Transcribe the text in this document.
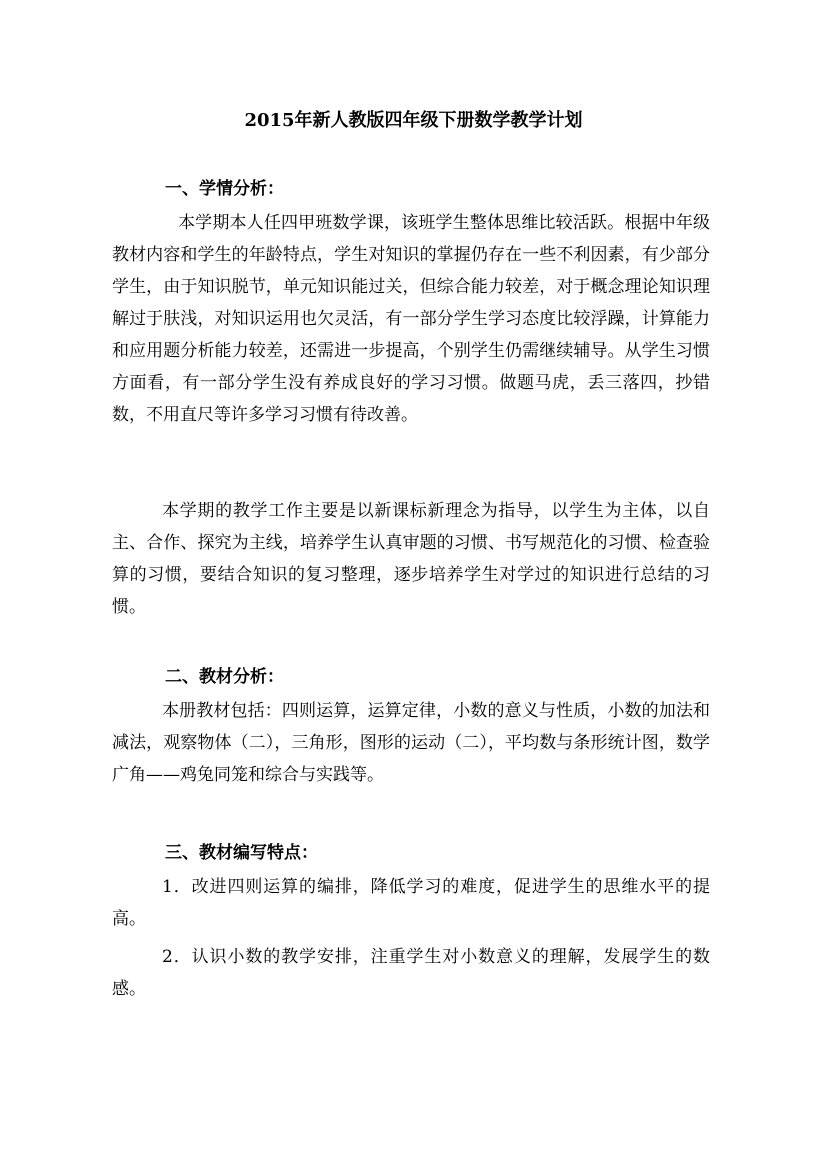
2015年新人教版四年级下册数学教学计划
一、学情分析：

本学期本人任四甲班数学课，该班学生整体思维比较活跃。根据中年级教材内容和学生的年龄特点，学生对知识的掌握仍存在一些不利因素，有少部分学生，由于知识脱节，单元知识能过关，但综合能力较差，对于概念理论知识理解过于肤浅，对知识运用也欠灵活，有一部分学生学习态度比较浮躁，计算能力和应用题分析能力较差，还需进一步提高，个别学生仍需继续辅导。从学生习惯方面看，有一部分学生没有养成良好的学习习惯。做题马虎，丢三落四，抄错数，不用直尺等许多学习习惯有待改善。

本学期的教学工作主要是以新课标新理念为指导，以学生为主体，以自主、合作、探究为主线，培养学生认真审题的习惯、书写规范化的习惯、检查验算的习惯，要结合知识的复习整理，逐步培养学生对学过的知识进行总结的习惯。

二、教材分析：

本册教材包括：四则运算，运算定律，小数的意义与性质，小数的加法和减法，观察物体（二），三角形，图形的运动（二），平均数与条形统计图，数学广角——鸡兔同笼和综合与实践等。

三、教材编写特点：

1．改进四则运算的编排，降低学习的难度，促进学生的思维水平的提高。

2．认识小数的教学安排，注重学生对小数意义的理解，发展学生的数感。
